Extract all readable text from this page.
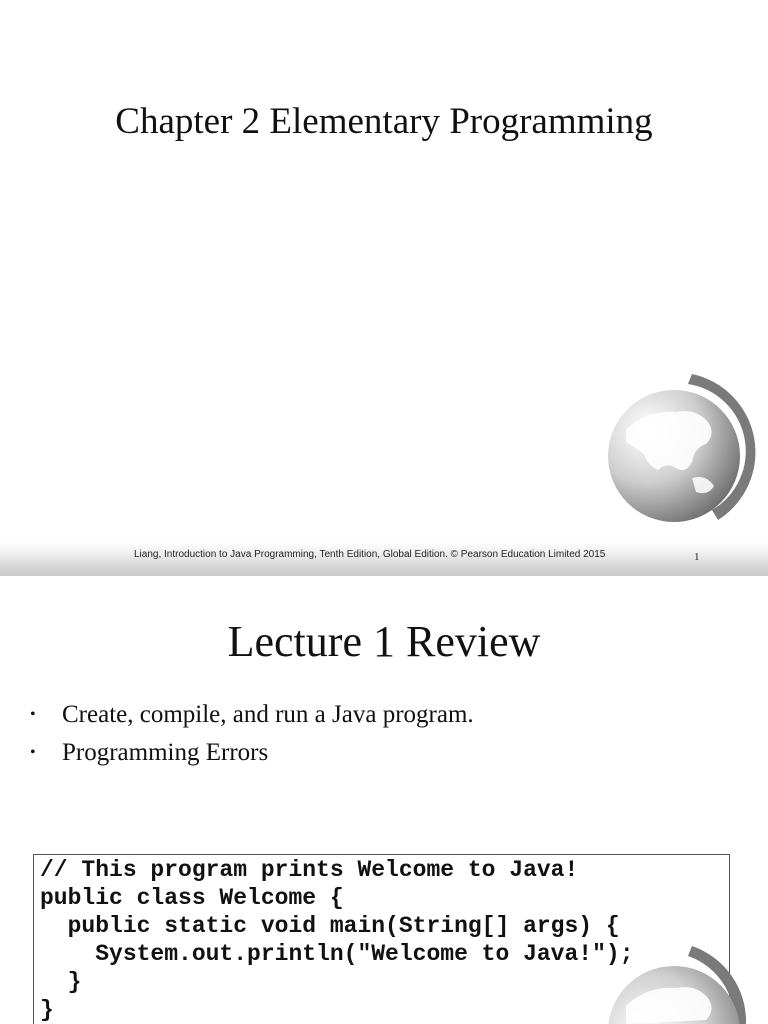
Chapter 2 Elementary Programming
Liang, Introduction to Java Programming, Tenth Edition, Global Edition. © Pearson Education Limited 2015	1
Lecture 1 Review
• Create, compile, and run a Java program.
• Programming Errors
// This program prints Welcome to Java!
public class Welcome {
public static void main(String[] args) {
System.out.println("Welcome to Java!");
}
}
